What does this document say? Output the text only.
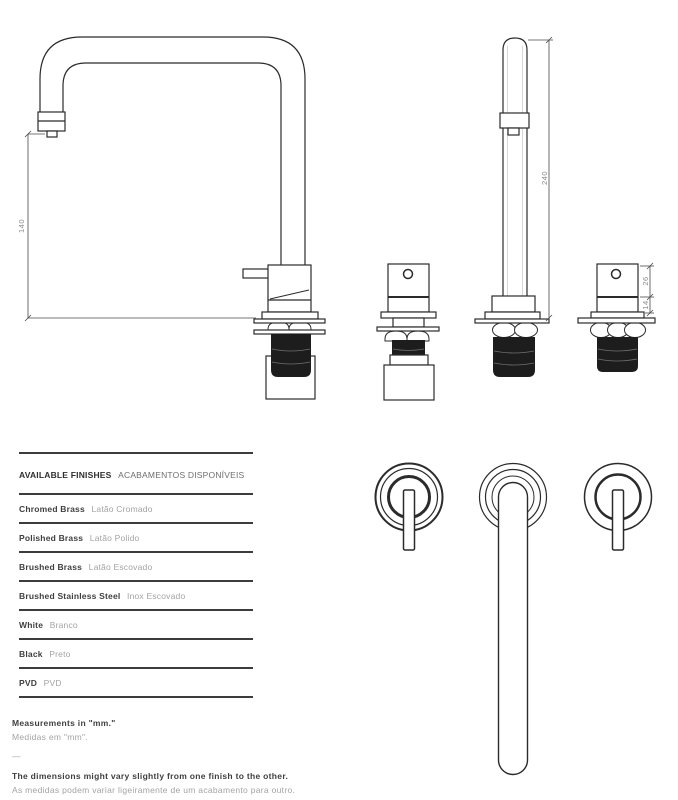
140
240
26
14
AVAILABLE FINISHES ACABAMENTOS DISPONÍVEIS
Chromed Brass Latão Cromado
Polished Brass Latão Polido
Brushed Brass Latão Escovado
Brushed Stainless Steel Inox Escovado
White Branco
Black Preto
PVD PVD
Measurements in "mm."
Medidas em "mm".
—
The dimensions might vary slightly from one finish to the other.
As medidas podem variar ligeiramente de um acabamento para outro.
